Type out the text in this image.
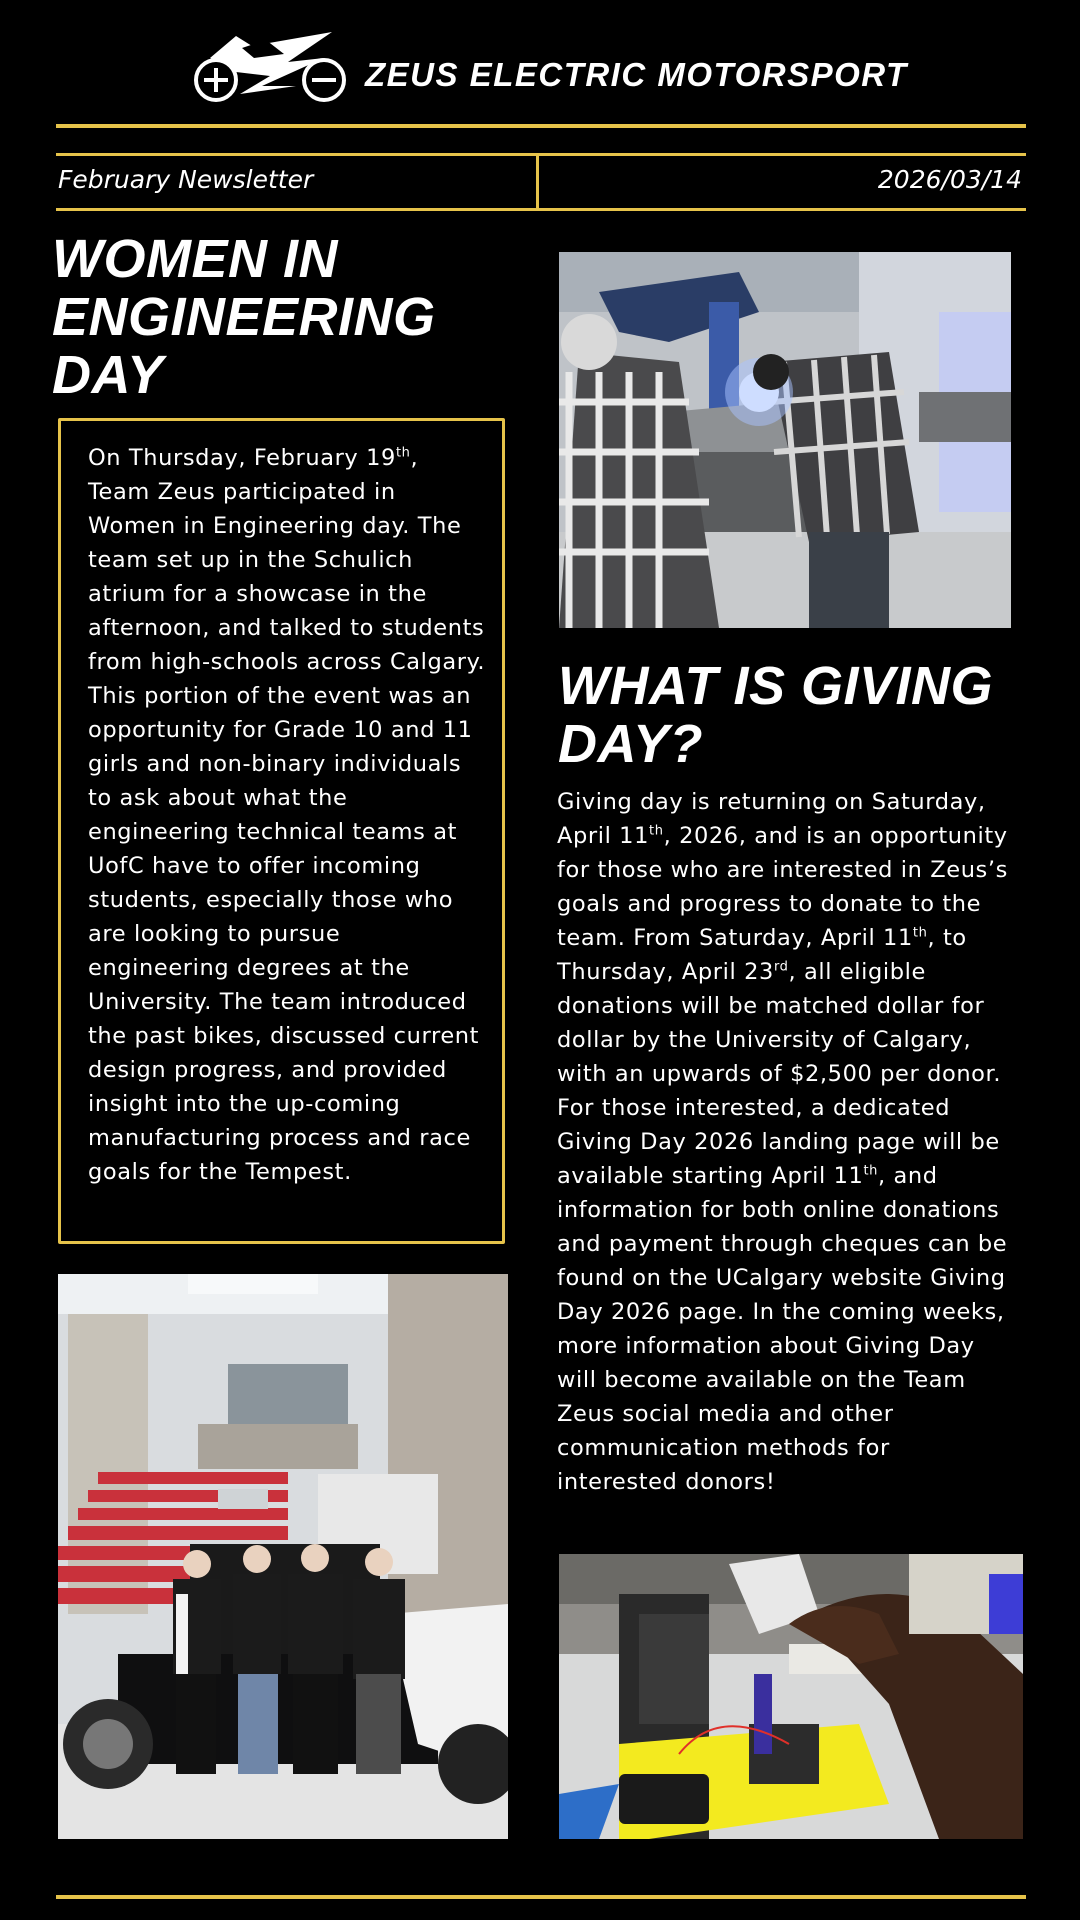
ZEUS ELECTRIC MOTORSPORT
February Newsletter	2026/03/14
WOMEN IN ENGINEERING DAY

On Thursday, February 19th, Team Zeus participated in Women in Engineering day. The team set up in the Schulich atrium for a showcase in the afternoon, and talked to students from high-schools across Calgary. This portion of the event was an opportunity for Grade 10 and 11 girls and non-binary individuals to ask about what the engineering technical teams at UofC have to offer incoming students, especially those who are looking to pursue engineering degrees at the University. The team introduced the past bikes, discussed current design progress, and provided insight into the up-coming manufacturing process and race goals for the Tempest.

WHAT IS GIVING DAY?

Giving day is returning on Saturday, April 11th, 2026, and is an opportunity for those who are interested in Zeus’s goals and progress to donate to the team. From Saturday, April 11th, to Thursday, April 23rd, all eligible donations will be matched dollar for dollar by the University of Calgary, with an upwards of $2,500 per donor. For those interested, a dedicated Giving Day 2026 landing page will be available starting April 11th, and information for both online donations and payment through cheques can be found on the UCalgary website Giving Day 2026 page. In the coming weeks, more information about Giving Day will become available on the Team Zeus social media and other communication methods for interested donors!
